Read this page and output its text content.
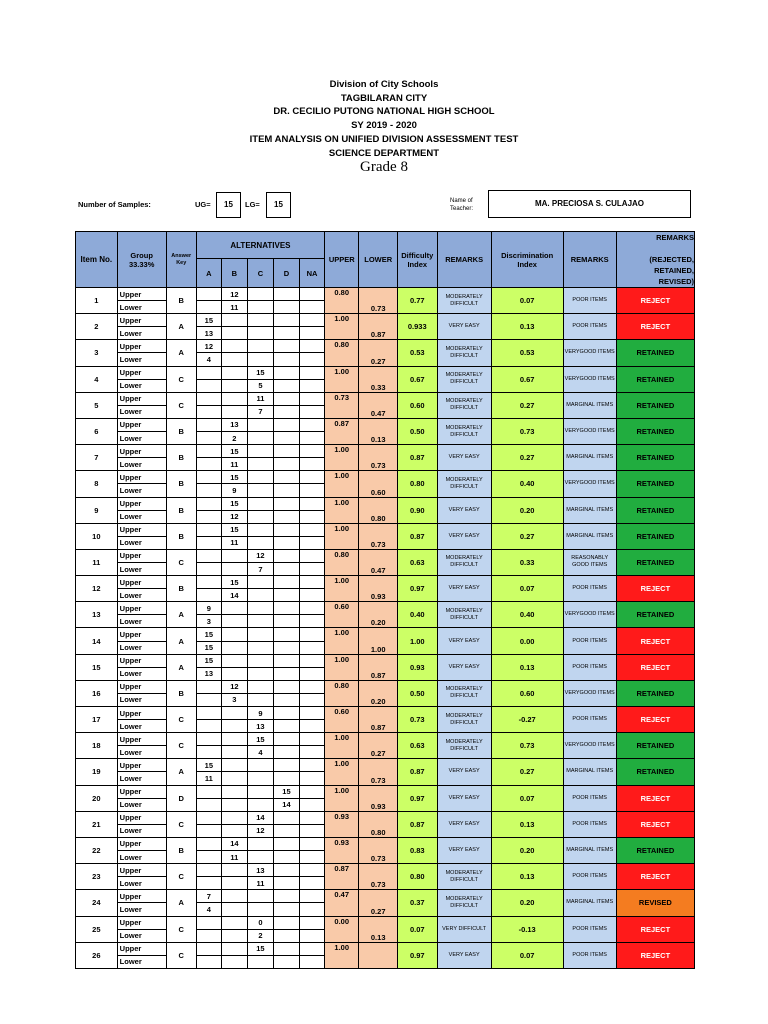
Division of City Schools
TAGBILARAN CITY
DR. CECILIO PUTONG NATIONAL HIGH SCHOOL
SY 2019 - 2020
ITEM ANALYSIS ON UNIFIED DIVISION ASSESSMENT TEST
SCIENCE DEPARTMENT
Grade 8
Number of Samples:	UG=	15	LG=	15	Name of
Teacher:
MA. PRECIOSA S. CULAJAO
Item No.	Group 33.33%	Answer Key	ALTERNATIVES					UPPER	LOWER	Difficulty Index	REMARKS	Discrimination Index	REMARKS	REMARKS

(REJECTED, RETAINED, REVISED)
			A	B	C	D	NA							
1	Upper	B		12				0.80	0.73	0.77	MODERATELY DIFFICULT	0.07	POOR ITEMS	REJECT
	Lower			11										
2	Upper	A	15					1.00	0.87	0.933	VERY EASY	0.13	POOR ITEMS	REJECT
	Lower		13											
3	Upper	A	12					0.80	0.27	0.53	MODERATELY DIFFICULT	0.53	VERYGOOD ITEMS	RETAINED
	Lower		4											
4	Upper	C			15			1.00	0.33	0.67	MODERATELY DIFFICULT	0.67	VERYGOOD ITEMS	RETAINED
	Lower				5									
5	Upper	C			11			0.73	0.47	0.60	MODERATELY DIFFICULT	0.27	MARGINAL ITEMS	RETAINED
	Lower				7									
6	Upper	B		13				0.87	0.13	0.50	MODERATELY DIFFICULT	0.73	VERYGOOD ITEMS	RETAINED
	Lower			2										
7	Upper	B		15				1.00	0.73	0.87	VERY EASY	0.27	MARGINAL ITEMS	RETAINED
	Lower			11										
8	Upper	B		15				1.00	0.60	0.80	MODERATELY DIFFICULT	0.40	VERYGOOD ITEMS	RETAINED
	Lower			9										
9	Upper	B		15				1.00	0.80	0.90	VERY EASY	0.20	MARGINAL ITEMS	RETAINED
	Lower			12										
10	Upper	B		15				1.00	0.73	0.87	VERY EASY	0.27	MARGINAL ITEMS	RETAINED
	Lower			11										
11	Upper	C			12			0.80	0.47	0.63	MODERATELY DIFFICULT	0.33	REASONABLY GOOD ITEMS	RETAINED
	Lower				7									
12	Upper	B		15				1.00	0.93	0.97	VERY EASY	0.07	POOR ITEMS	REJECT
	Lower			14										
13	Upper	A	9					0.60	0.20	0.40	MODERATELY DIFFICULT	0.40	VERYGOOD ITEMS	RETAINED
	Lower		3											
14	Upper	A	15					1.00	1.00	1.00	VERY EASY	0.00	POOR ITEMS	REJECT
	Lower		15											
15	Upper	A	15					1.00	0.87	0.93	VERY EASY	0.13	POOR ITEMS	REJECT
	Lower		13											
16	Upper	B		12				0.80	0.20	0.50	MODERATELY DIFFICULT	0.60	VERYGOOD ITEMS	RETAINED
	Lower			3										
17	Upper	C			9			0.60	0.87	0.73	MODERATELY DIFFICULT	-0.27	POOR ITEMS	REJECT
	Lower				13									
18	Upper	C			15			1.00	0.27	0.63	MODERATELY DIFFICULT	0.73	VERYGOOD ITEMS	RETAINED
	Lower				4									
19	Upper	A	15					1.00	0.73	0.87	VERY EASY	0.27	MARGINAL ITEMS	RETAINED
	Lower		11											
20	Upper	D				15		1.00	0.93	0.97	VERY EASY	0.07	POOR ITEMS	REJECT
	Lower					14								
21	Upper	C			14			0.93	0.80	0.87	VERY EASY	0.13	POOR ITEMS	REJECT
	Lower				12									
22	Upper	B		14				0.93	0.73	0.83	VERY EASY	0.20	MARGINAL ITEMS	RETAINED
	Lower			11										
23	Upper	C			13			0.87	0.73	0.80	MODERATELY DIFFICULT	0.13	POOR ITEMS	REJECT
	Lower				11									
24	Upper	A	7					0.47	0.27	0.37	MODERATELY DIFFICULT	0.20	MARGINAL ITEMS	REVISED
	Lower		4											
25	Upper	C			0			0.00	0.13	0.07	VERY DIFFICULT	-0.13	POOR ITEMS	REJECT
	Lower				2									
26	Upper	C			15			1.00		0.97	VERY EASY	0.07	POOR ITEMS	REJECT
	Lower													
